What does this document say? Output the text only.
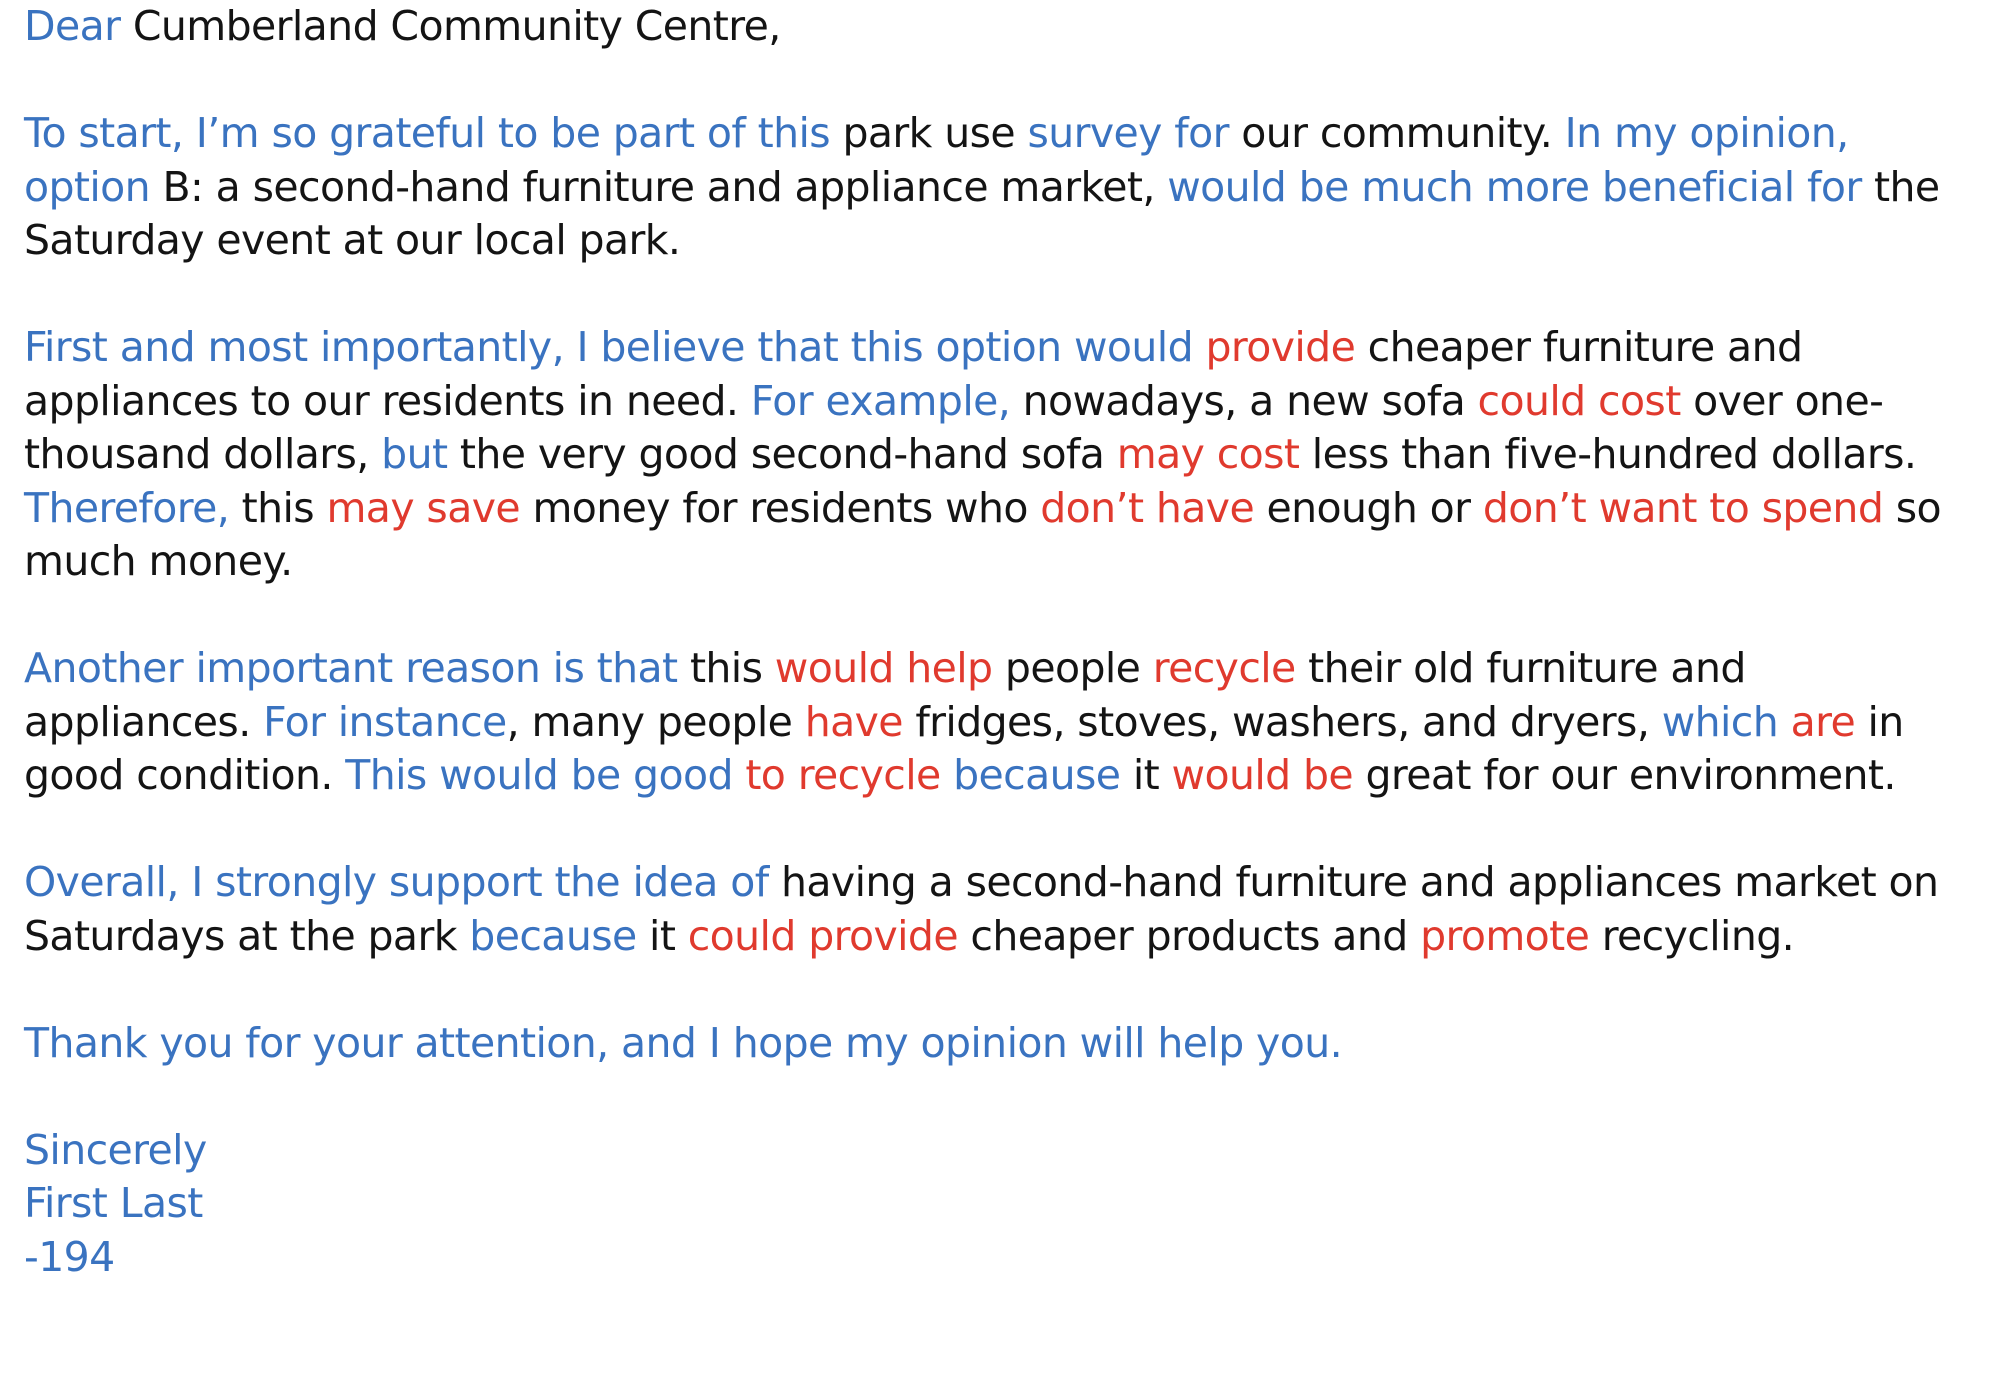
Dear Cumberland Community Centre,

To start, I’m so grateful to be part of this park use survey for our community. In my opinion, option B: a second-hand furniture and appliance market, would be much more beneficial for the Saturday event at our local park.

First and most importantly, I believe that this option would provide cheaper furniture and appliances to our residents in need. For example, nowadays, a new sofa could cost over one-thousand dollars, but the very good second-hand sofa may cost less than five-hundred dollars. Therefore, this may save money for residents who don’t have enough or don’t want to spend so much money.

Another important reason is that this would help people recycle their old furniture and appliances. For instance, many people have fridges, stoves, washers, and dryers, which are in good condition. This would be good to recycle because it would be great for our environment.

Overall, I strongly support the idea of having a second-hand furniture and appliances market on Saturdays at the park because it could provide cheaper products and promote recycling.

Thank you for your attention, and I hope my opinion will help you.

Sincerely
First Last
-194
